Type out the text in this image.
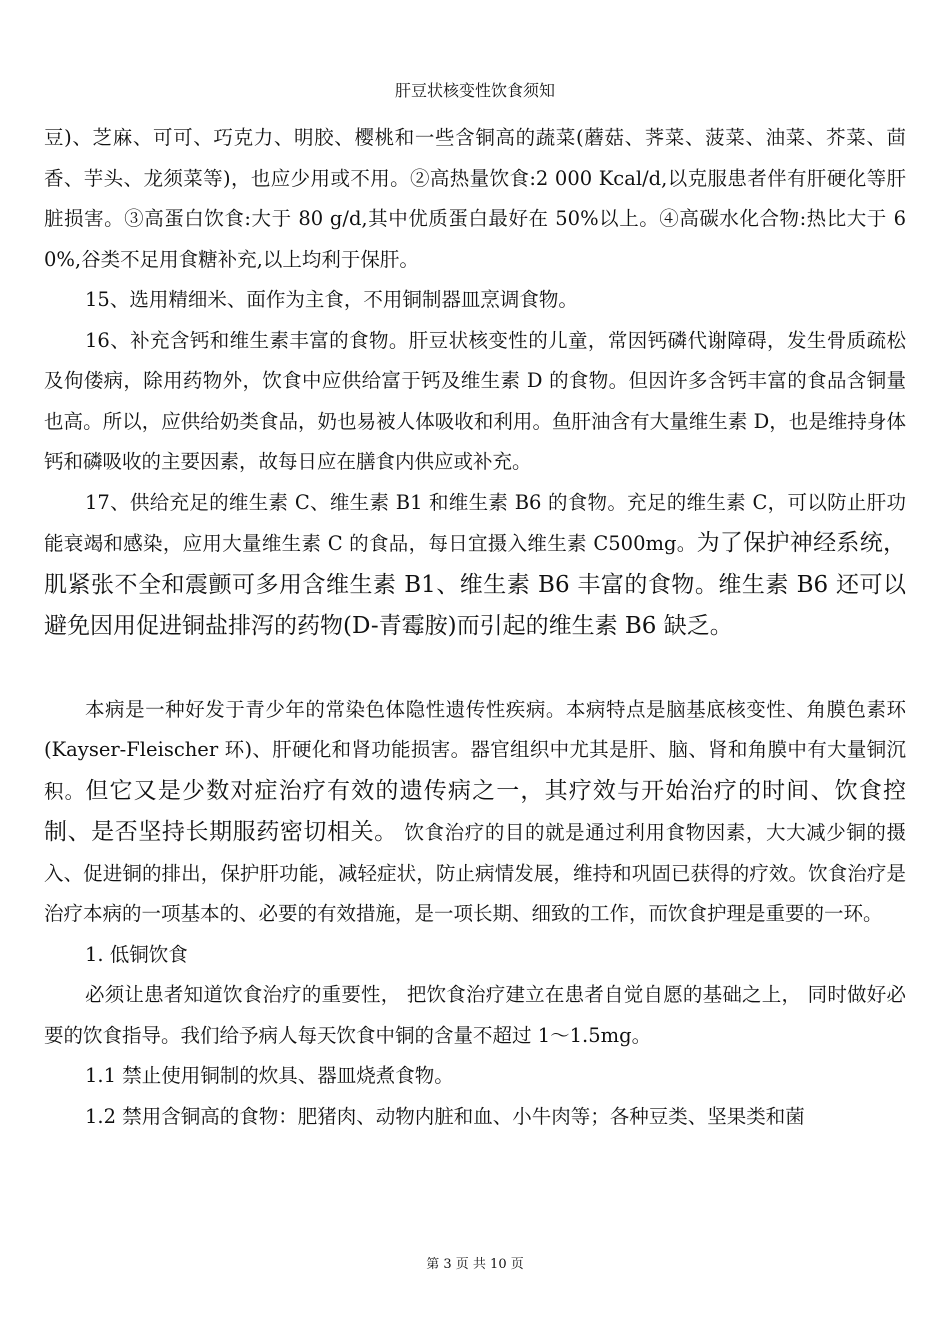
肝豆状核变性饮食须知

豆)、芝麻、可可、巧克力、明胶、樱桃和一些含铜高的蔬菜(蘑菇、荠菜、菠菜、油菜、芥菜、茴香、芋头、龙须菜等)，也应少用或不用。②高热量饮食:2 000 Kcal/d,以克服患者伴有肝硬化等肝脏损害。③高蛋白饮食:大于 80 g/d,其中优质蛋白最好在 50%以上。④高碳水化合物:热比大于 60%,谷类不足用食糖补充,以上均利于保肝。

15、选用精细米、面作为主食，不用铜制器皿烹调食物。

16、补充含钙和维生素丰富的食物。肝豆状核变性的儿童，常因钙磷代谢障碍，发生骨质疏松及佝偻病，除用药物外，饮食中应供给富于钙及维生素 D 的食物。但因许多含钙丰富的食品含铜量也高。所以，应供给奶类食品，奶也易被人体吸收和利用。鱼肝油含有大量维生素 D，也是维持身体钙和磷吸收的主要因素，故每日应在膳食内供应或补充。

17、供给充足的维生素 C、维生素 B1 和维生素 B6 的食物。充足的维生素 C，可以防止肝功能衰竭和感染，应用大量维生素 C 的食品，每日宜摄入维生素 C500mg。为了保护神经系统，肌紧张不全和震颤可多用含维生素 B1、维生素 B6 丰富的食物。维生素 B6 还可以避免因用促进铜盐排泻的药物(D-青霉胺)而引起的维生素 B6 缺乏。

本病是一种好发于青少年的常染色体隐性遗传性疾病。本病特点是脑基底核变性、角膜色素环(Kayser-Fleischer 环)、肝硬化和肾功能损害。器官组织中尤其是肝、脑、肾和角膜中有大量铜沉积。但它又是少数对症治疗有效的遗传病之一，其疗效与开始治疗的时间、饮食控制、是否坚持长期服药密切相关。 饮食治疗的目的就是通过利用食物因素，大大减少铜的摄入、促进铜的排出，保护肝功能，减轻症状，防止病情发展，维持和巩固已获得的疗效。饮食治疗是治疗本病的一项基本的、必要的有效措施，是一项长期、细致的工作，而饮食护理是重要的一环。

1. 低铜饮食

必须让患者知道饮食治疗的重要性， 把饮食治疗建立在患者自觉自愿的基础之上， 同时做好必要的饮食指导。我们给予病人每天饮食中铜的含量不超过 1～1.5mg。

1.1 禁止使用铜制的炊具、器皿烧煮食物。

1.2 禁用含铜高的食物：肥猪肉、动物内脏和血、小牛肉等；各种豆类、坚果类和菌

第 3 页 共 10 页
